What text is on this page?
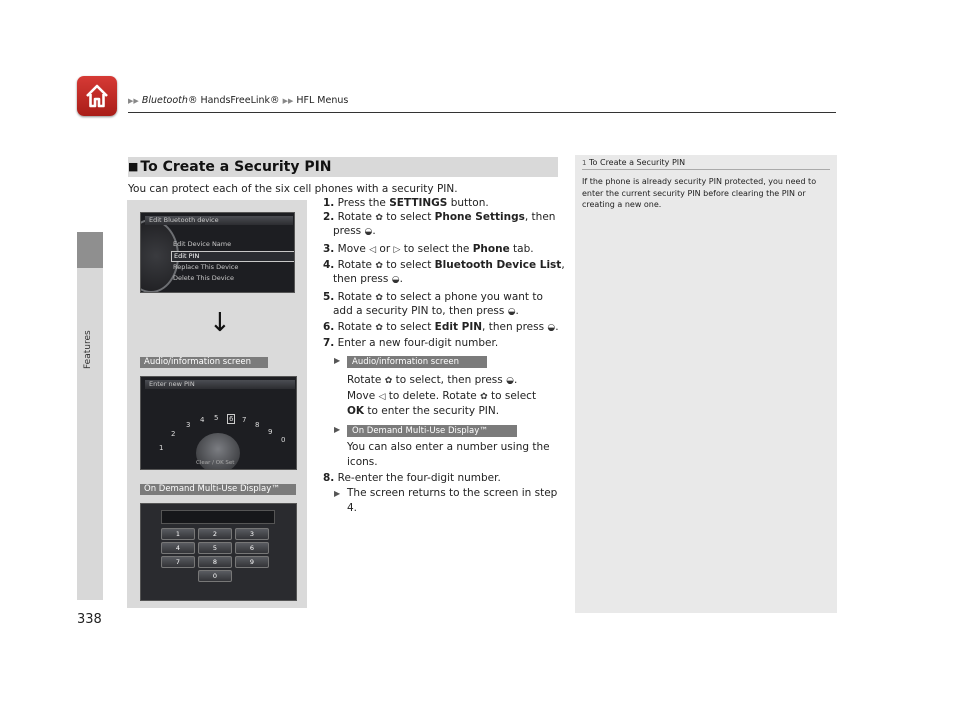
▶▶ Bluetooth® HandsFreeLink® ▶▶ HFL Menus
Features
338
■ To Create a Security PIN
You can protect each of the six cell phones with a security PIN.
Edit Bluetooth device
Edit Device Name
Edit PIN
Replace This Device
Delete This Device
Enter new PIN
1
2
3
4 5 6 7
8
9
0
Clear / OK Set
1	2	3
4	5	6
7	8	9
0
↓
Audio/information screen
On Demand Multi-Use Display™
1. Press the SETTINGS button.
2. Rotate ✿ to select Phone Settings, then
press ◒.
3. Move ◁ or ▷ to select the Phone tab.
4. Rotate ✿ to select Bluetooth Device List,
then press ◒.
5. Rotate ✿ to select a phone you want to
add a security PIN to, then press ◒.
6. Rotate ✿ to select Edit PIN, then press ◒.
7. Enter a new four-digit number.
▶	Audio/information screen
Rotate ✿ to select, then press ◒.
Move ◁ to delete. Rotate ✿ to select
OK to enter the security PIN.
▶	On Demand Multi-Use Display™
You can also enter a number using the
icons.
8. Re-enter the four-digit number.
▶ The screen returns to the screen in step
4.
1 To Create a Security PIN
If the phone is already security PIN protected, you need to enter the current security PIN before clearing the PIN or creating a new one.
